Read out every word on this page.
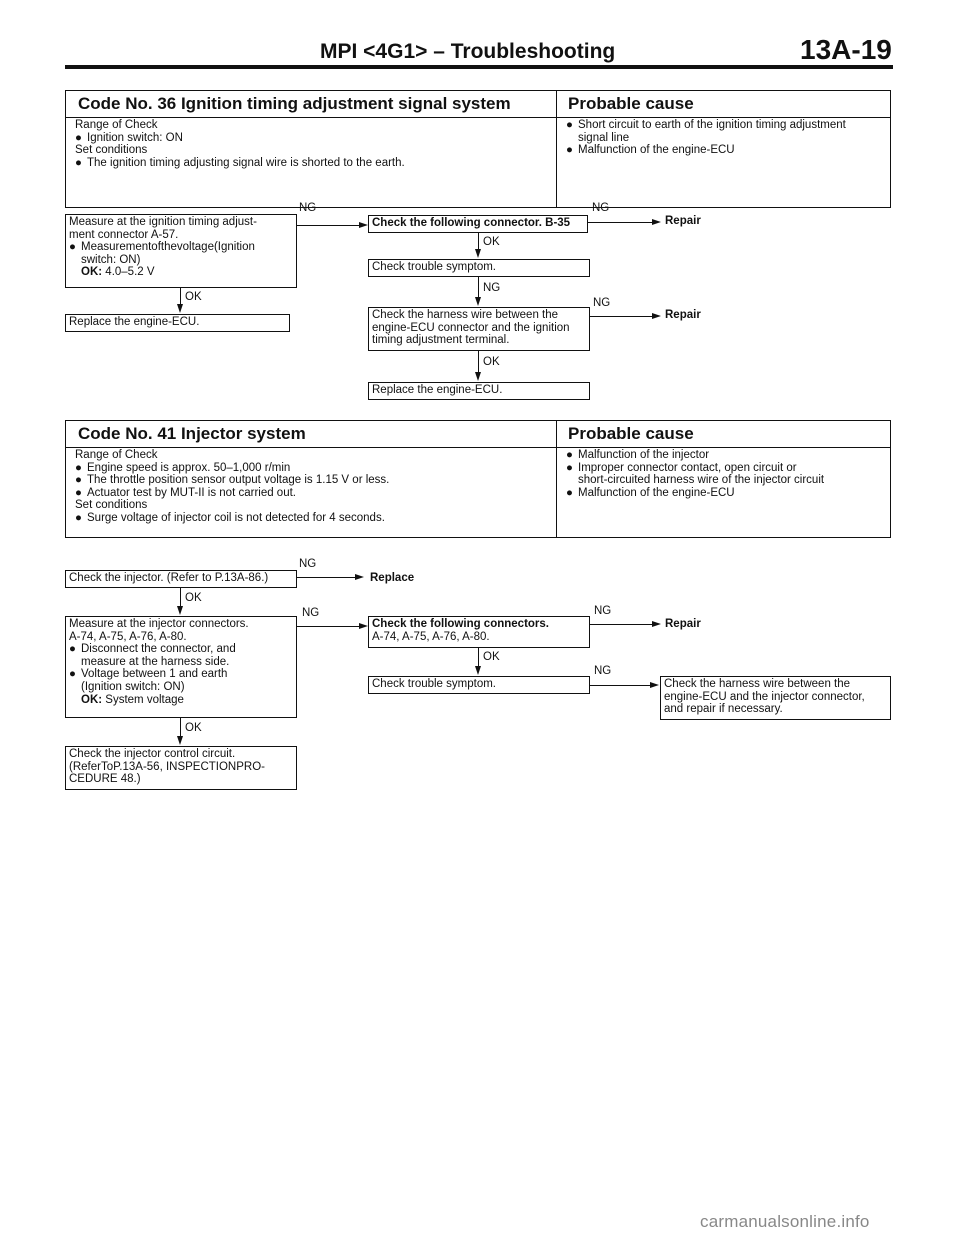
MPI <4G1> – Troubleshooting	13A-19
Code No. 36 Ignition timing adjustment signal system	Probable cause
Range of Check
● Ignition switch: ON
Set conditions
● The ignition timing adjusting signal wire is shorted to the earth.
● Short circuit to earth of the ignition timing adjustment
signal line
● Malfunction of the engine-ECU
Measure at the ignition timing adjust-
ment connector A-57.
● Measurementofthevoltage(Ignition
switch: ON)
OK: 4.0–5.2 V
NG
OK
Replace the engine-ECU.
Check the following connector. B-35
NG
Repair
OK
Check trouble symptom.
NG
Check the harness wire between the
engine-ECU connector and the ignition
timing adjustment terminal.
NG
Repair
OK
Replace the engine-ECU.
Code No. 41 Injector system	Probable cause
Range of Check
● Engine speed is approx. 50–1,000 r/min
● The throttle position sensor output voltage is 1.15 V or less.
● Actuator test by MUT-II is not carried out.
Set conditions
● Surge voltage of injector coil is not detected for 4 seconds.
● Malfunction of the injector
● Improper connector contact, open circuit or
short-circuited harness wire of the injector circuit
● Malfunction of the engine-ECU
Check the injector. (Refer to P.13A-86.)
NG
Replace
OK
Measure at the injector connectors.
A-74, A-75, A-76, A-80.
● Disconnect the connector, and
measure at the harness side.
● Voltage between 1 and earth
(Ignition switch: ON)
OK: System voltage
NG
Check the following connectors.
A-74, A-75, A-76, A-80.
NG
Repair
OK
Check trouble symptom.
NG
Check the harness wire between the
engine-ECU and the injector connector,
and repair if necessary.
OK
Check the injector control circuit.
(ReferToP.13A-56, INSPECTIONPRO-
CEDURE 48.)
carmanualsonline.info
